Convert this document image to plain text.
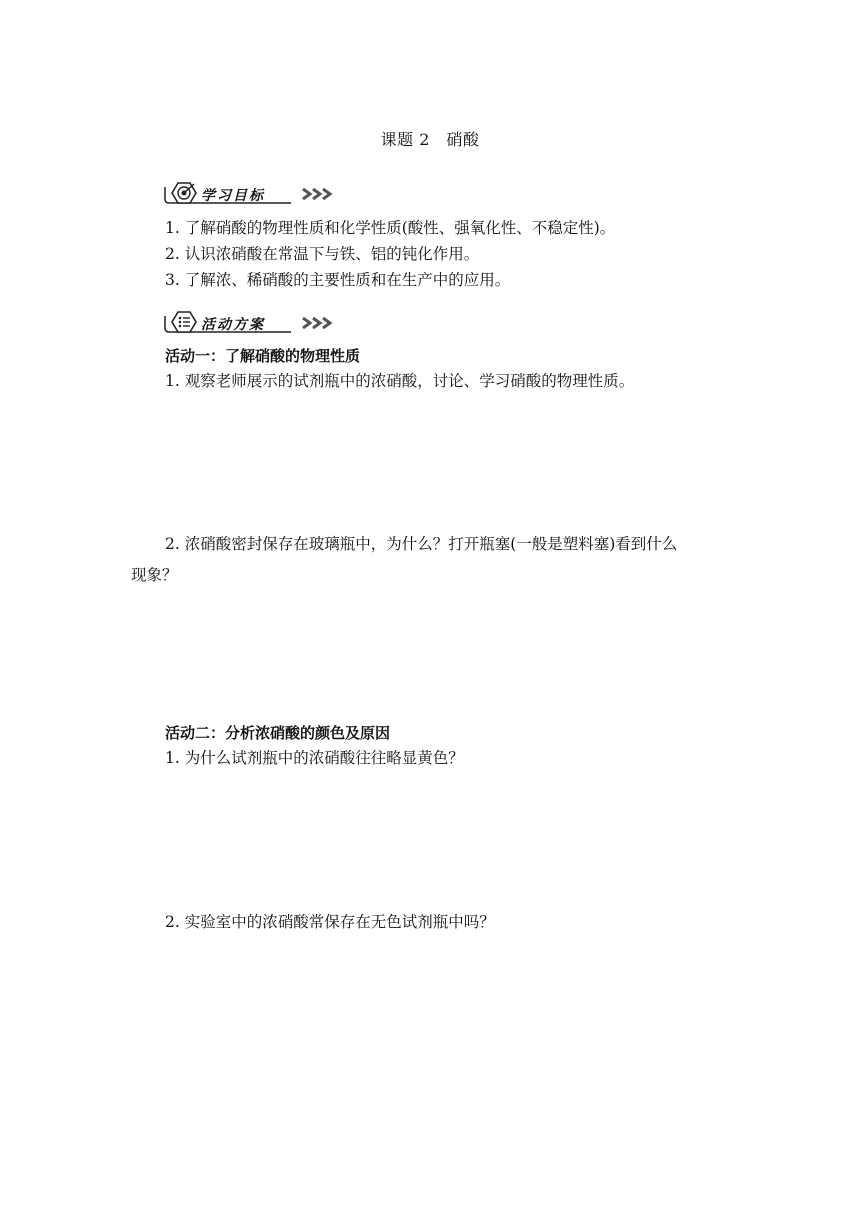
课题 2　硝酸
学习目标
1. 了解硝酸的物理性质和化学性质(酸性、强氧化性、不稳定性)。
2. 认识浓硝酸在常温下与铁、铝的钝化作用。
3. 了解浓、稀硝酸的主要性质和在生产中的应用。
活动方案
活动一：了解硝酸的物理性质
1. 观察老师展示的试剂瓶中的浓硝酸，讨论、学习硝酸的物理性质。
2. 浓硝酸密封保存在玻璃瓶中，为什么？打开瓶塞(一般是塑料塞)看到什么
现象？
活动二：分析浓硝酸的颜色及原因
1. 为什么试剂瓶中的浓硝酸往往略显黄色？
2. 实验室中的浓硝酸常保存在无色试剂瓶中吗？
